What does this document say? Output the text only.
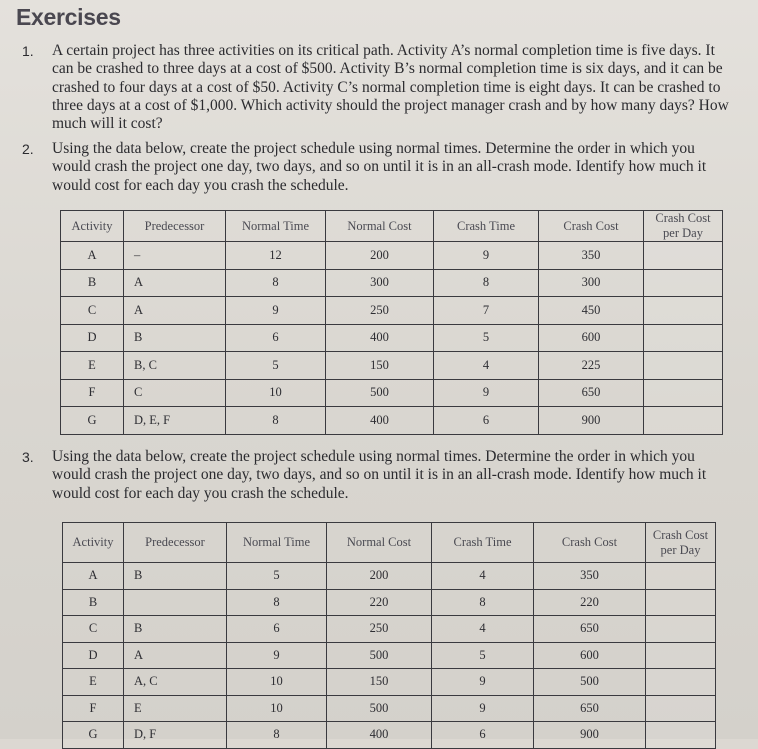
Exercises
1. A certain project has three activities on its critical path. Activity A’s normal completion time is five days. It can be crashed to three days at a cost of $500. Activity B’s normal completion time is six days, and it can be crashed to four days at a cost of $50. Activity C’s normal completion time is eight days. It can be crashed to three days at a cost of $1,000. Which activity should the project manager crash and by how many days? How much will it cost?
2. Using the data below, create the project schedule using normal times. Determine the order in which you would crash the project one day, two days, and so on until it is in an all-crash mode. Identify how much it would cost for each day you crash the schedule.
Activity	Predecessor	Normal Time	Normal Cost	Crash Time	Crash Cost	Crash Cost per Day
A	–	12	200	9	350	
B	A	8	300	8	300	
C	A	9	250	7	450	
D	B	6	400	5	600	
E	B, C	5	150	4	225	
F	C	10	500	9	650	
G	D, E, F	8	400	6	900	
3. Using the data below, create the project schedule using normal times. Determine the order in which you would crash the project one day, two days, and so on until it is in an all-crash mode. Identify how much it would cost for each day you crash the schedule.
Activity	Predecessor	Normal Time	Normal Cost	Crash Time	Crash Cost	Crash Cost per Day
A	B	5	200	4	350	
B		8	220	8	220	
C	B	6	250	4	650	
D	A	9	500	5	600	
E	A, C	10	150	9	500	
F	E	10	500	9	650	
G	D, F	8	400	6	900	
